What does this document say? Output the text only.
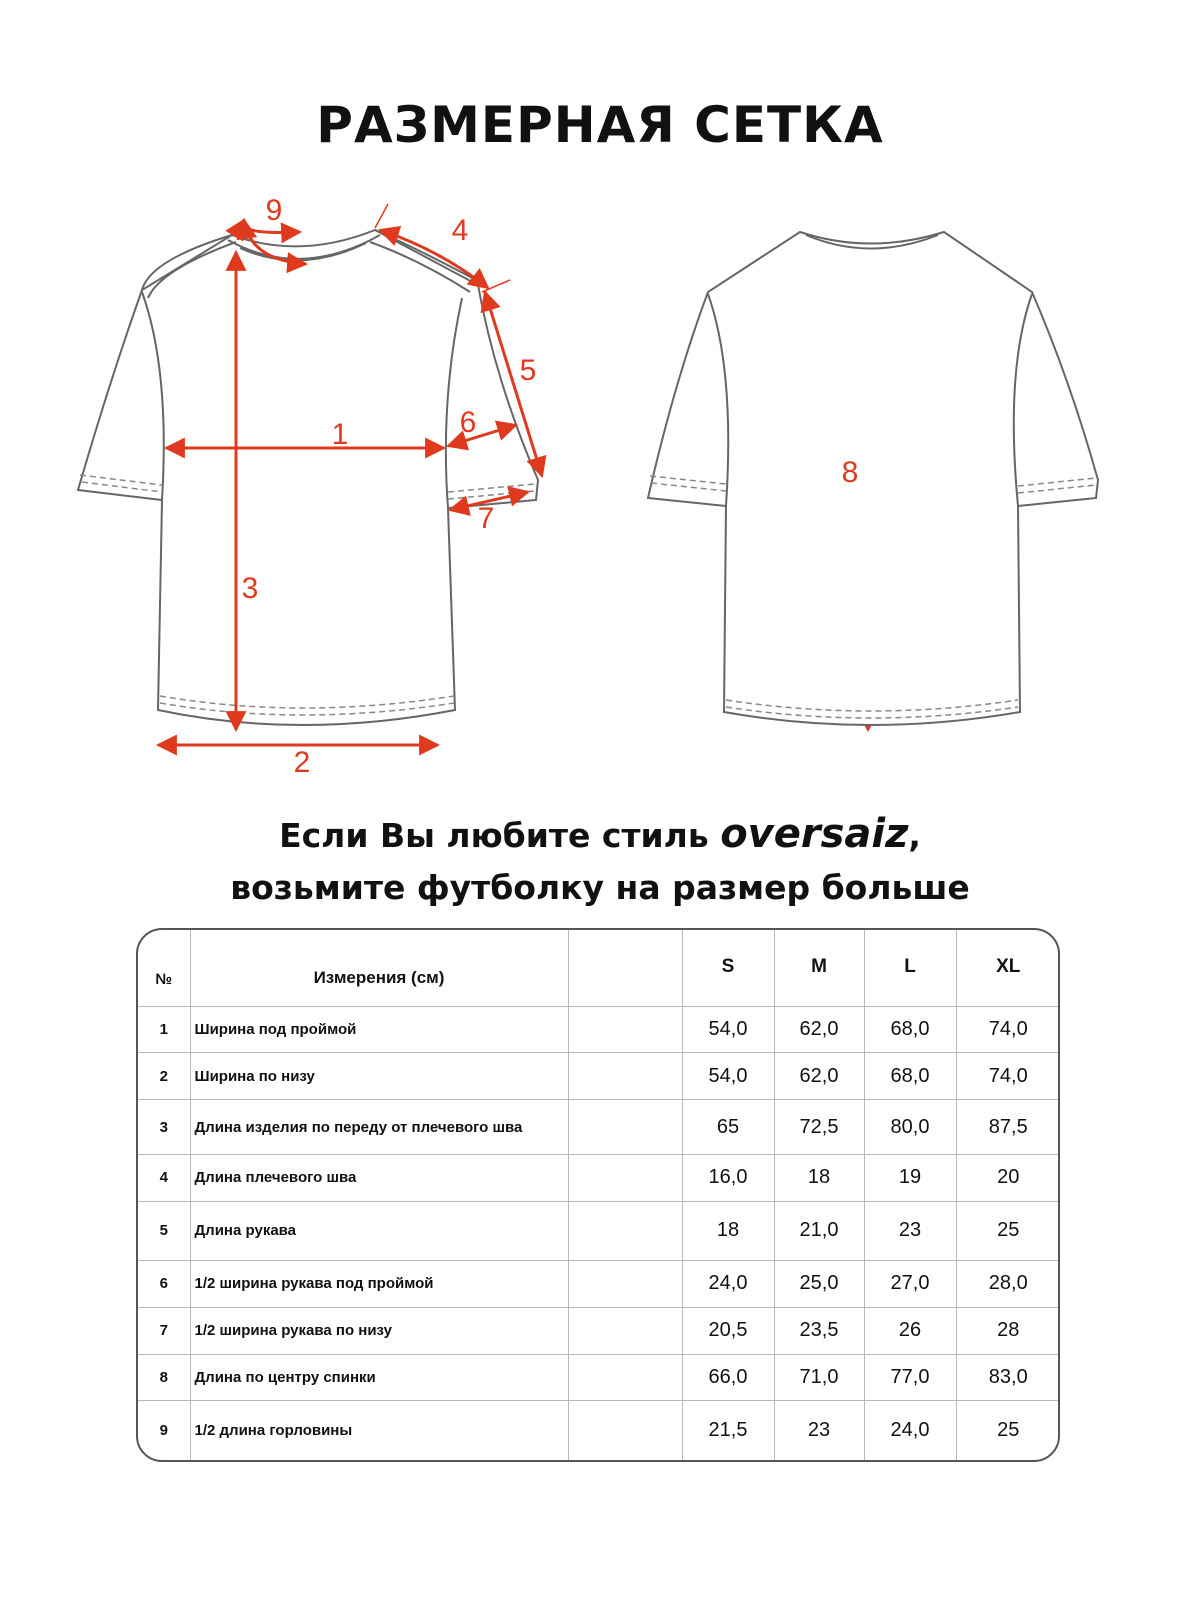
РАЗМЕРНАЯ СЕТКА
1
2
3
4
5
6
7
8
9
Если Вы любите стиль oversaiz,
возьмите футболку на размер больше
№	Измерения (см)		S	M	L	XL
1	Ширина под проймой		54,0	62,0	68,0	74,0
2	Ширина по низу		54,0	62,0	68,0	74,0
3	Длина изделия по переду от плечевого шва		65	72,5	80,0	87,5
4	Длина плечевого шва		16,0	18	19	20
5	Длина рукава		18	21,0	23	25
6	1/2 ширина рукава под проймой		24,0	25,0	27,0	28,0
7	1/2 ширина рукава по низу		20,5	23,5	26	28
8	Длина по центру спинки		66,0	71,0	77,0	83,0
9	1/2 длина горловины		21,5	23	24,0	25
